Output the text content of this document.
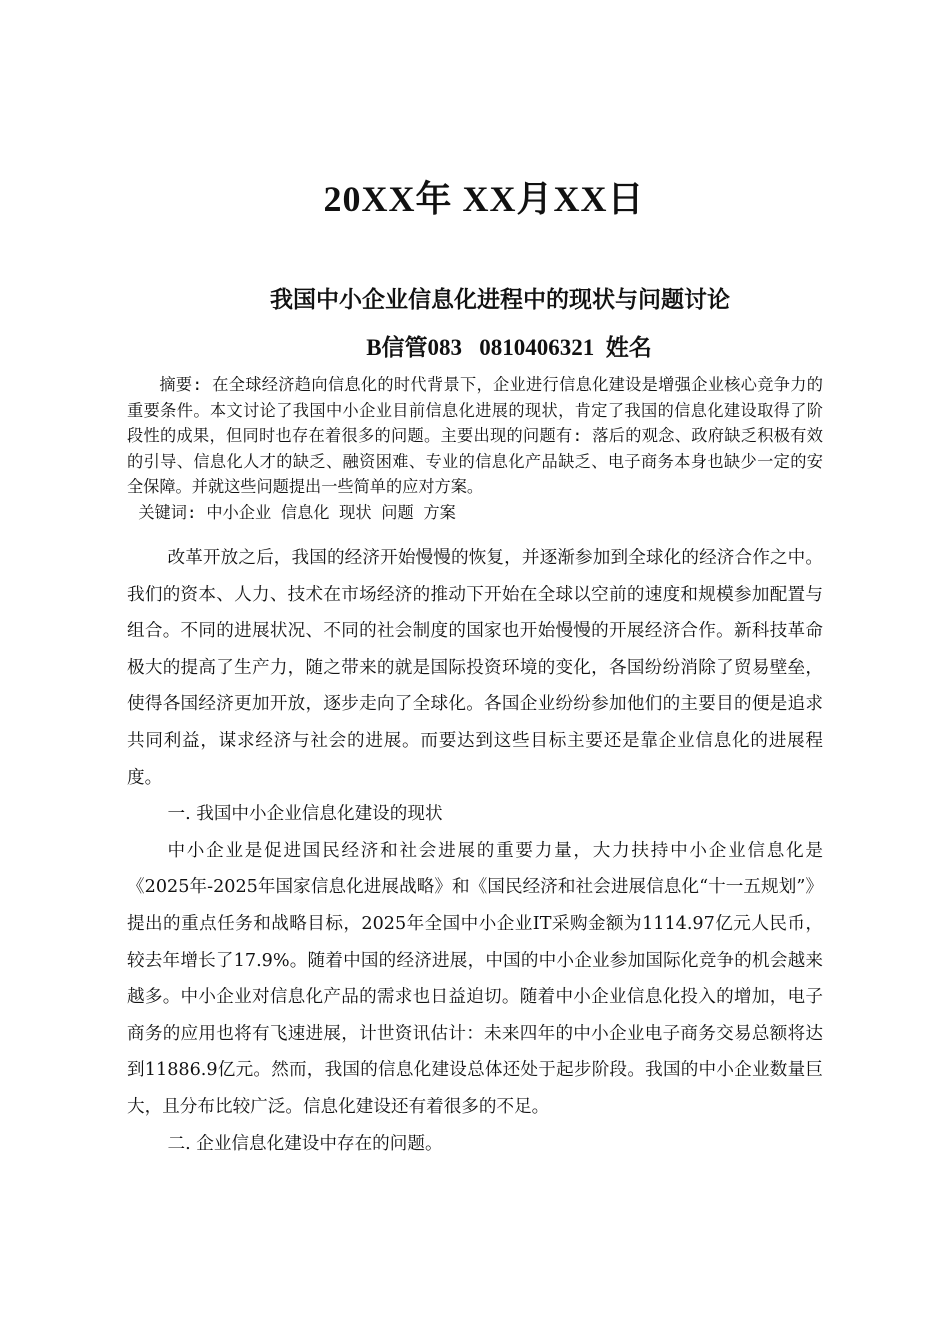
20XX年 XX月XX日
我国中小企业信息化进程中的现状与问题讨论
B信管083   0810406321  姓名

摘要: 在全球经济趋向信息化的时代背景下，企业进行信息化建设是增强企业核心竞争力的重要条件。本文讨论了我国中小企业目前信息化进展的现状，肯定了我国的信息化建设取得了阶段性的成果，但同时也存在着很多的问题。主要出现的问题有: 落后的观念、政府缺乏积极有效的引导、信息化人才的缺乏、融资困难、专业的信息化产品缺乏、电子商务本身也缺少一定的安全保障。并就这些问题提出一些简单的应对方案。

关键词: 中小企业 信息化 现状 问题 方案

改革开放之后，我国的经济开始慢慢的恢复，并逐渐参加到全球化的经济合作之中。我们的资本、人力、技术在市场经济的推动下开始在全球以空前的速度和规模参加配置与组合。不同的进展状况、不同的社会制度的国家也开始慢慢的开展经济合作。新科技革命极大的提高了生产力，随之带来的就是国际投资环境的变化，各国纷纷消除了贸易壁垒，使得各国经济更加开放，逐步走向了全球化。各国企业纷纷参加他们的主要目的便是追求共同利益，谋求经济与社会的进展。而要达到这些目标主要还是靠企业信息化的进展程度。

一. 我国中小企业信息化建设的现状

中小企业是促进国民经济和社会进展的重要力量，大力扶持中小企业信息化是《2025年-2025年国家信息化进展战略》和《国民经济和社会进展信息化“十一五规划”》提出的重点任务和战略目标，2025年全国中小企业IT采购金额为1114.97亿元人民币，较去年增长了17.9%。随着中国的经济进展，中国的中小企业参加国际化竞争的机会越来越多。中小企业对信息化产品的需求也日益迫切。随着中小企业信息化投入的增加，电子商务的应用也将有飞速进展，计世资讯估计：未来四年的中小企业电子商务交易总额将达到11886.9亿元。然而，我国的信息化建设总体还处于起步阶段。我国的中小企业数量巨大，且分布比较广泛。信息化建设还有着很多的不足。

二. 企业信息化建设中存在的问题。
